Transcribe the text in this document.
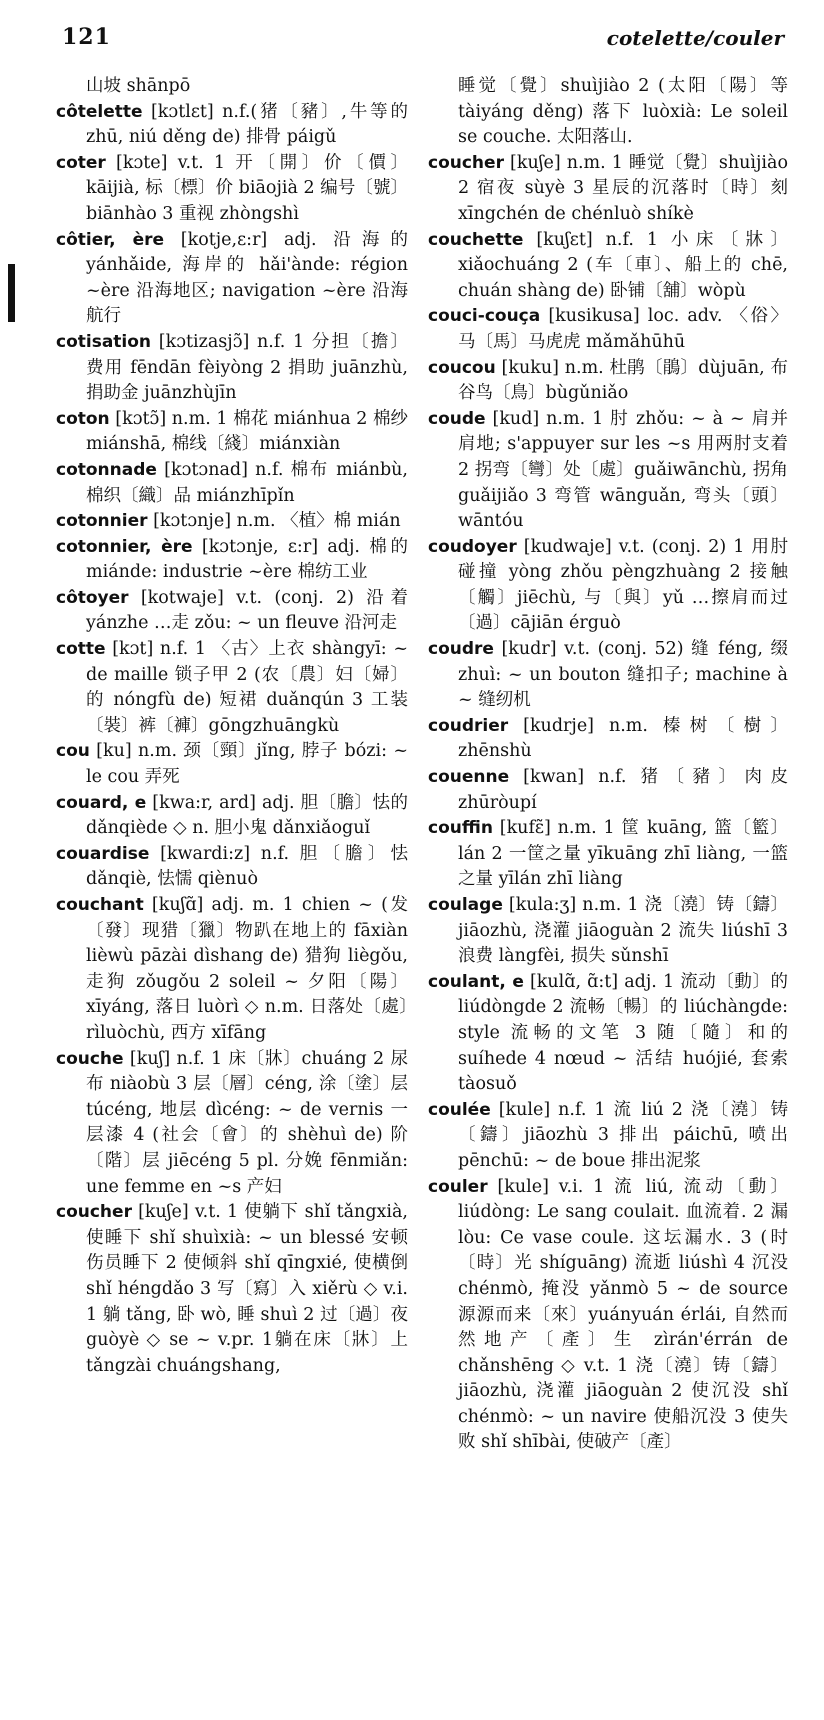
121	cotelette/couler
山坡 shānpō
côtelette [kɔtlɛt] n.f.(猪〔豬〕,牛等的 zhū, niú děng de) 排骨 páigǔ
coter [kɔte] v.t. 1 开〔開〕价〔價〕kāijià, 标〔標〕价 biāojià 2 编号〔號〕biānhào 3 重视 zhòngshì
côtier, ère [kotje,ɛ:r] adj. 沿海的 yánhǎide, 海岸的 hǎi'ànde: région ~ère 沿海地区; navigation ~ère 沿海航行
cotisation [kɔtizasjɔ̃] n.f. 1 分担〔擔〕费用 fēndān fèiyòng 2 捐助 juānzhù, 捐助金 juānzhùjīn
coton [kɔtɔ̃] n.m. 1 棉花 miánhua 2 棉纱 miánshā, 棉线〔綫〕miánxiàn
cotonnade [kɔtɔnad] n.f. 棉布 miánbù, 棉织〔織〕品 miánzhīpǐn
cotonnier [kɔtɔnje] n.m. 〈植〉棉 mián
cotonnier, ère [kɔtɔnje, ɛ:r] adj. 棉的 miánde: industrie ~ère 棉纺工业
côtoyer [kotwaje] v.t. (conj. 2) 沿着 yánzhe …走 zǒu: ~ un fleuve 沿河走
cotte [kɔt] n.f. 1 〈古〉上衣 shàngyī: ~ de maille 锁子甲 2 (农〔農〕妇〔婦〕的 nóngfù de) 短裙 duǎnqún 3 工装〔裝〕裤〔褲〕gōngzhuāngkù
cou [ku] n.m. 颈〔頸〕jǐng, 脖子 bózi: ~ le cou 弄死
couard, e [kwa:r, ard] adj. 胆〔膽〕怯的 dǎnqiède ◇ n. 胆小鬼 dǎnxiǎoguǐ
couardise [kwardi:z] n.f. 胆〔膽〕怯 dǎnqiè, 怯懦 qiènuò
couchant [kuʃɑ̃] adj. m. 1 chien ~ (发〔發〕现猎〔獵〕物趴在地上的 fāxiàn lièwù pāzài dìshang de) 猎狗 liègǒu, 走狗 zǒugǒu 2 soleil ~ 夕阳〔陽〕xīyáng, 落日 luòrì ◇ n.m. 日落处〔處〕rìluòchù, 西方 xīfāng
couche [kuʃ] n.f. 1 床〔牀〕chuáng 2 尿布 niàobù 3 层〔層〕céng, 涂〔塗〕层 túcéng, 地层 dìcéng: ~ de vernis 一层漆 4 (社会〔會〕的 shèhuì de) 阶〔階〕层 jiēcéng 5 pl. 分娩 fēnmiǎn: une femme en ~s 产妇
coucher [kuʃe] v.t. 1 使躺下 shǐ tǎngxià, 使睡下 shǐ shuìxià: ~ un blessé 安顿伤员睡下 2 使倾斜 shǐ qīngxié, 使横倒 shǐ héngdǎo 3 写〔寫〕入 xiěrù ◇ v.i. 1 躺 tǎng, 卧 wò, 睡 shuì 2 过〔過〕夜 guòyè ◇ se ~ v.pr. 1躺在床〔牀〕上 tǎngzài chuángshang,
睡觉〔覺〕shuìjiào 2 (太阳〔陽〕等 tàiyáng děng) 落下 luòxià: Le soleil se couche. 太阳落山.
coucher [kuʃe] n.m. 1 睡觉〔覺〕shuìjiào 2 宿夜 sùyè 3 星辰的沉落时〔時〕刻 xīngchén de chénluò shíkè
couchette [kuʃɛt] n.f. 1 小床〔牀〕xiǎochuáng 2 (车〔車〕、船上的 chē, chuán shàng de) 卧铺〔舖〕wòpù
couci-couça [kusikusa] loc. adv. 〈俗〉马〔馬〕马虎虎 mǎmǎhūhū
coucou [kuku] n.m. 杜鹃〔鵑〕dùjuān, 布谷鸟〔鳥〕bùgǔniǎo
coude [kud] n.m. 1 肘 zhǒu: ~ à ~ 肩并肩地; s'appuyer sur les ~s 用两肘支着 2 拐弯〔彎〕处〔處〕guǎiwānchù, 拐角 guǎijiǎo 3 弯管 wānguǎn, 弯头〔頭〕wāntóu
coudoyer [kudwaje] v.t. (conj. 2) 1 用肘碰撞 yòng zhǒu pèngzhuàng 2 接触〔觸〕jiēchù, 与〔與〕yǔ …擦肩而过〔過〕cājiān érguò
coudre [kudr] v.t. (conj. 52) 缝 féng, 缀 zhuì: ~ un bouton 缝扣子; machine à ~ 缝纫机
coudrier [kudrje] n.m. 榛树〔樹〕zhēnshù
couenne [kwan] n.f. 猪〔豬〕肉皮 zhūròupí
couffin [kufɛ̃] n.m. 1 筐 kuāng, 篮〔籃〕lán 2 一筐之量 yīkuāng zhī liàng, 一篮之量 yīlán zhī liàng
coulage [kula:ʒ] n.m. 1 浇〔澆〕铸〔鑄〕jiāozhù, 浇灌 jiāoguàn 2 流失 liúshī 3 浪费 làngfèi, 损失 sǔnshī
coulant, e [kulɑ̃, ɑ̃:t] adj. 1 流动〔動〕的 liúdòngde 2 流畅〔暢〕的 liúchàngde: style 流畅的文笔 3 随〔隨〕和的 suíhede 4 nœud ~ 活结 huójié, 套索 tàosuǒ
coulée [kule] n.f. 1 流 liú 2 浇〔澆〕铸〔鑄〕jiāozhù 3 排出 páichū, 喷出 pēnchū: ~ de boue 排出泥浆
couler [kule] v.i. 1 流 liú, 流动〔動〕liúdòng: Le sang coulait. 血流着. 2 漏 lòu: Ce vase coule. 这坛漏水. 3 (时〔時〕光 shíguāng) 流逝 liúshì 4 沉没 chénmò, 掩没 yǎnmò 5 ~ de source 源源而来〔來〕yuányuán érlái, 自然而然地产〔產〕生 zìrán'érrán de chǎnshēng ◇ v.t. 1 浇〔澆〕铸〔鑄〕jiāozhù, 浇灌 jiāoguàn 2 使沉没 shǐ chénmò: ~ un navire 使船沉没 3 使失败 shǐ shībài, 使破产〔產〕
